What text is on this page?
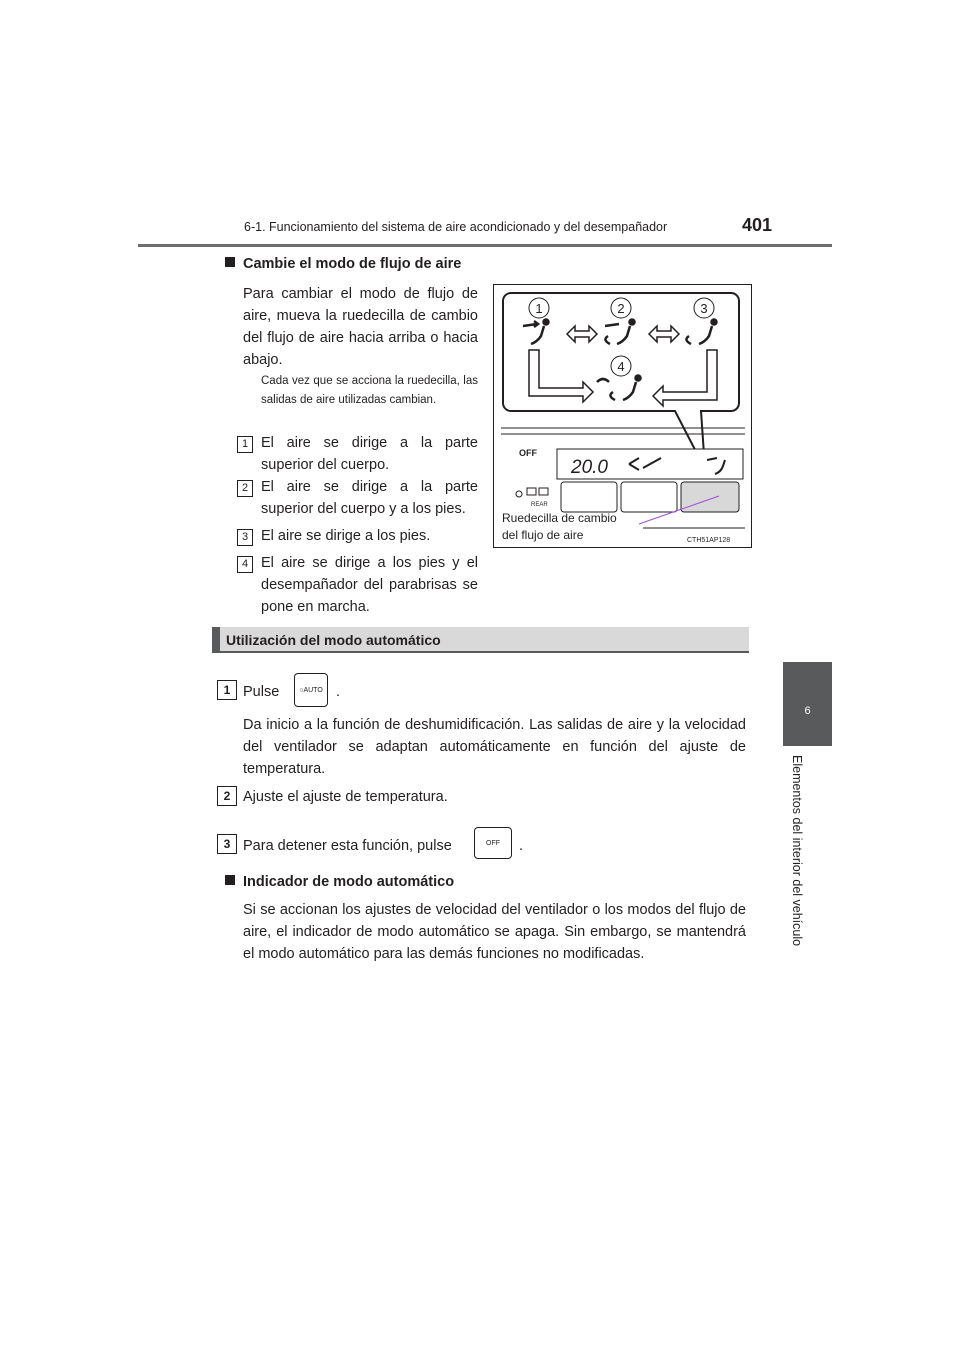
6-1. Funcionamiento del sistema de aire acondicionado y del desempañador	401
6
Elementos del interior del vehículo
Cambie el modo de flujo de aire
Para cambiar el modo de flujo de aire, mueva la ruedecilla de cambio del flujo de aire hacia arriba o hacia abajo.
Cada vez que se acciona la ruedecilla, las salidas de aire utilizadas cambian.
1 El aire se dirige a la parte superior del cuerpo.
2 El aire se dirige a la parte superior del cuerpo y a los pies.
3 El aire se dirige a los pies.
4 El aire se dirige a los pies y el desempañador del parabrisas se pone en marcha.
1	2	3
4
OFF
20.0
REAR
Ruedecilla de cambio
del flujo de aire	CTH51AP128
Utilización del modo automático
1 Pulse	○ AUTO .
Da inicio a la función de deshumidificación. Las salidas de aire y la velocidad del ventilador se adaptan automáticamente en función del ajuste de temperatura.
2 Ajuste el ajuste de temperatura.
3 Para detener esta función, pulse	OFF .
Indicador de modo automático
Si se accionan los ajustes de velocidad del ventilador o los modos del flujo de aire, el indicador de modo automático se apaga. Sin embargo, se mantendrá el modo automático para las demás funciones no modificadas.
